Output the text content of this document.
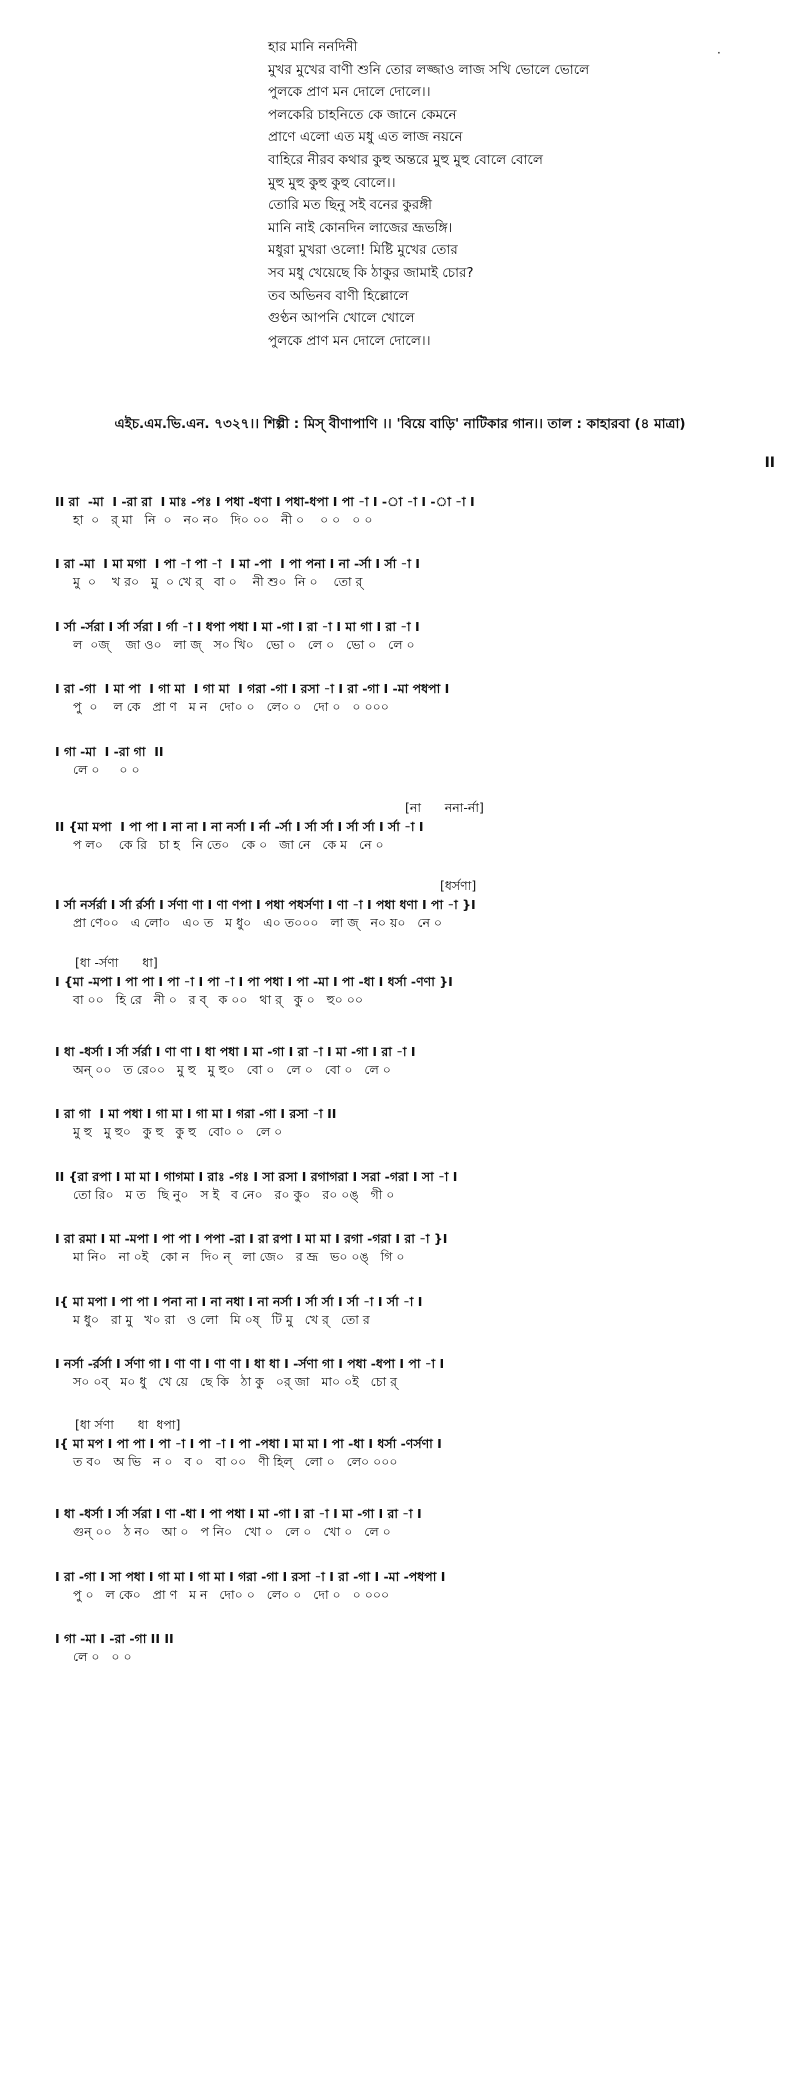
·
হার মানি ননদিনী
মুখর মুখের বাণী শুনি তোর লজ্জাও লাজ সখি ভোলে ভোলে
পুলকে প্রাণ মন দোলে দোলে।।
পলকেরি চাহনিতে কে জানে কেমনে
প্রাণে এলো এত মধু এত লাজ নয়নে
বাহিরে নীরব কথার কুহু অন্তরে মুহু মুহু বোলে বোলে
মুহু মুহু কুহু কুহু বোলে।।
তোরি মত ছিনু সই বনের কুরঙ্গী
মানি নাই কোনদিন লাজের ভ্রূভঙ্গি।
মধুরা মুখরা ওলো! মিষ্টি মুখের তোর
সব মধু খেয়েছে কি ঠাকুর জামাই চোর?
তব অভিনব বাণী হিল্লোলে
গুণ্ঠন আপনি খোলে খোলে
পুলকে প্রাণ মন দোলে দোলে।।
এইচ.এম.ভি.এন. ৭৩২৭।। শিল্পী : মিস্‌ বীণাপাণি ।। 'বিয়ে বাড়ি' নাটিকার গান।। তাল : কাহারবা (৪ মাত্রা)
II
II রা  -মা  I -রা রা  I মাঃ -পঃ I পধা -ধণা I পধা-ধপা I পা -া I -া -া I -া -া I
হা  ০   র্ মা   নি  ০   ন০ ন০   দি০ ০০   নী ০    ০ ০   ০ ০
I রা -মা  I মা মগা  I পা -া পা -া  I মা -পা  I পা পনা I না -র্সা I র্সা -া I
মু  ০    খ র০   মু  ০ খে র্   বা ০    নী শু০  নি ০    তো র্
I র্সা -র্সরা I র্সা র্সরা I র্গা -া I ধপা পধা I মা -গা I রা -া I মা গা I রা -া I
ল  ০জ্    জা ও০   লা জ্   স০ খি০   ভো ০   লে ০   ভো ০   লে ০
I রা -গা  I মা পা  I গা মা  I গা মা  I গরা -গা I রসা -া I রা -গা I -মা পধপা I
পু  ০    ল কে   প্রা ণ   ম ন   দো০ ০   লে০ ০   দো ০   ০ ০০০
I গা -মা  I -রা গা  II
লে ০     ০ ০
[না      ননা-র্না]
II {মা মপা  I পা পা I না না I না নর্সা I র্না -র্সা I র্সা র্সা I র্সা র্সা I র্সা -া I
প ল০    কে রি   চা হ   নি তে০   কে ০   জা নে   কে ম   নে ০
[ধর্সণা]
I র্সা নর্সর্রা I র্সা র্রর্সা I র্সণা ণা I ণা ণপা I পধা পধর্সণা I ণা -া I পধা ধণা I পা -া }I
প্রা ণে০০   এ লো০   এ০ ত   ম ধু০   এ০ ত০০০   লা জ্   ন০ য়০   নে ০
[ধা -র্সণা      ধা]
I {মা -মপা I পা পা I পা -া I পা -া I পা পধা I পা -মা I পা -ধা I ধর্সা -ণণা }I
বা ০০   হি রে   নী ০   র ব্   ক ০০   থা র্   কু ০   হু০ ০০
I ধা -ধর্সা I র্সা র্সর্রা I ণা ণা I ধা পধা I মা -গা I রা -া I মা -গা I রা -া I
অন্ ০০   ত রে০০   মু হু   মু হু০   বো ০   লে ০   বো ০   লে ০
I রা গা  I মা পধা I গা মা I গা মা I গরা -গা I রসা -া II
মু হু   মু হু০   কু হু   কু হু   বো০ ০   লে ০
II {রা রপা I মা মা I গাগমা I রাঃ -গঃ I সা রসা I রগাগরা I সরা -গরা I সা -া I
তো রি০   ম ত   ছি নু০   স ই   ব নে০   র০ কু০   র০ ০ঙ্   গী ০
I রা রমা I মা -মপা I পা পা I পপা -রা I রা রপা I মা মা I রগা -গরা I রা -া }I
মা নি০   না ০ই   কো ন   দি০ ন্   লা জে০   র ভ্রূ   ভ০ ০ঙ্   গি ০
I{ মা মপা I পা পা I পনা না I না নধা I না নর্সা I র্সা র্সা I র্সা -া I র্সা -া I
ম ধু০   রা মু   খ০ রা   ও লো   মি ০ষ্   টি মু   খে র্   তো র
I নর্সা -র্রর্সা I র্সণা গা I ণা ণা I ণা ণা I ধা ধা I -র্সণা গা I পধা -ধপা I পা -া I
স০ ০ব্   ম০ ধু   খে য়ে   ছে কি   ঠা কু   ০র্ জা   মা০ ০ই   চো র্
[ধা র্সণা      ধা  ধপা]
I{ মা মপ I পা পা I পা -া I পা -া I পা -পধা I মা মা I পা -ধা I ধর্সা -ণর্সণা I
ত ব০   অ ভি   ন ০   ব ০   বা ০০   ণী হিল্   লো ০   লে০ ০০০
I ধা -ধর্সা I র্সা র্সরা I ণা -ধা I পা পধা I মা -গা I রা -া I মা -গা I রা -া I
গুন্ ০০   ঠ ন০   আ ০   প নি০   খো ০   লে ০   খো ০   লে ০
I রা -গা I সা পধা I গা মা I গা মা I গরা -গা I রসা -া I রা -গা I -মা -পধপা I
পু ০   ল কে০   প্রা ণ   ম ন   দো০ ০   লে০ ০   দো ০   ০ ০০০
I গা -মা I -রা -গা II II
লে ০   ০ ০
